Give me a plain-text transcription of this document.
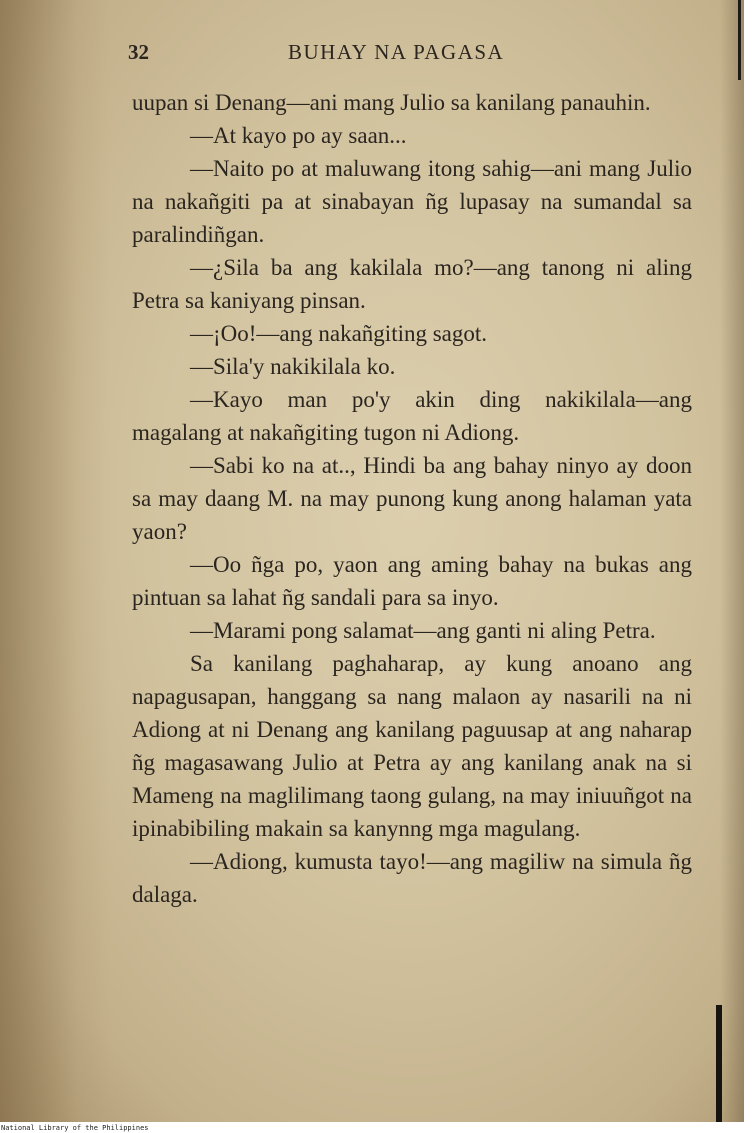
32	BUHAY NA PAGASA

uupan si Denang—ani mang Julio sa kanilang panauhin.

—At kayo po ay saan...

—Naito po at maluwang itong sahig—ani mang Julio na nakañgiti pa at sinabayan ñg lupasay na sumandal sa paralindiñgan.

—¿Sila ba ang kakilala mo?—ang tanong ni aling Petra sa kaniyang pinsan.

—¡Oo!—ang nakañgiting sagot.

—Sila'y nakikilala ko.

—Kayo man po'y akin ding nakikilala—ang magalang at nakañgiting tugon ni Adiong.

—Sabi ko na at.., Hindi ba ang bahay ninyo ay doon sa may daang M. na may punong kung anong halaman yata yaon?

—Oo ñga po, yaon ang aming bahay na bukas ang pintuan sa lahat ñg sandali para sa inyo.

—Marami pong salamat—ang ganti ni aling Petra.

Sa kanilang paghaharap, ay kung anoano ang napagusapan, hanggang sa nang malaon ay nasarili na ni Adiong at ni Denang ang kanilang paguusap at ang naharap ñg magasawang Julio at Petra ay ang kanilang anak na si Mameng na maglilimang taong gulang, na may iniuuñgot na ipinabibiling makain sa kanynng mga magulang.

—Adiong, kumusta tayo!—ang magiliw na simula ñg dalaga.

National Library of the Philippines
